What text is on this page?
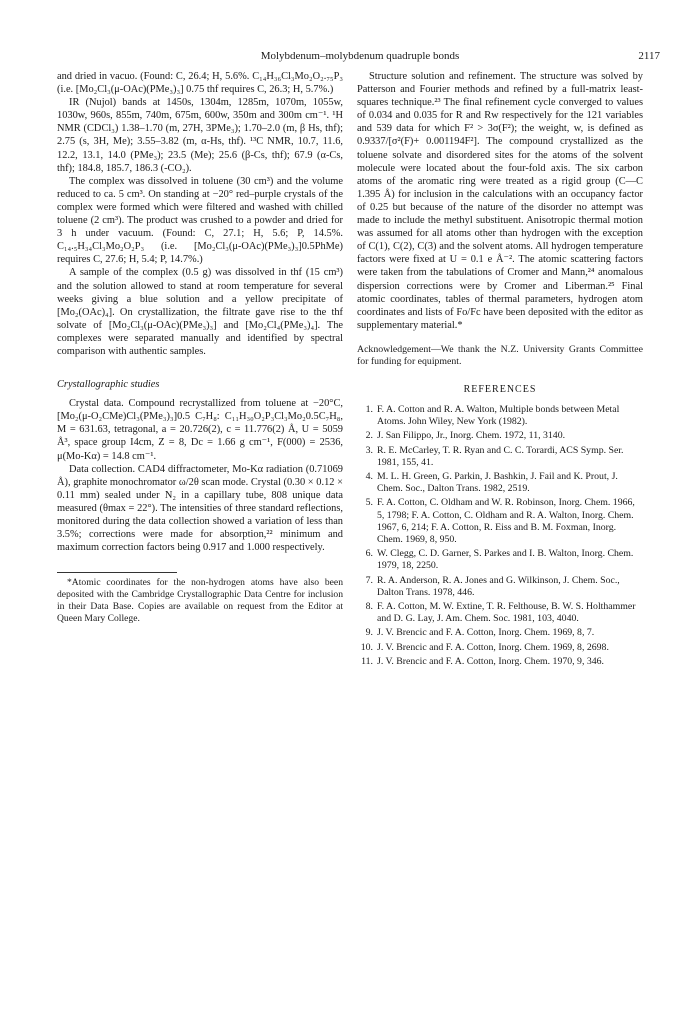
Molybdenum–molybdenum quadruple bonds	2117

and dried in vacuo. (Found: C, 26.4; H, 5.6%. C₁₄H₃₆Cl₃Mo₂O₂.₇₅P₃ (i.e. [Mo₂Cl₃(μ-OAc)(PMe₃)₃] 0.75 thf requires C, 26.3; H, 5.7%.)

IR (Nujol) bands at 1450s, 1304m, 1285m, 1070m, 1055w, 1030w, 960s, 855m, 740m, 675m, 600w, 350m and 300m cm⁻¹. ¹H NMR (CDCl₃) 1.38–1.70 (m, 27H, 3PMe₃); 1.70–2.0 (m, β Hs, thf); 2.75 (s, 3H, Me); 3.55–3.82 (m, α-Hs, thf). ¹³C NMR, 10.7, 11.6, 12.2, 13.1, 14.0 (PMe₃); 23.5 (Me); 25.6 (β-Cs, thf); 67.9 (α-Cs, thf); 184.8, 185.7, 186.3 (-CO₂).

The complex was dissolved in toluene (30 cm³) and the volume reduced to ca. 5 cm³. On standing at −20° red–purple crystals of the complex were formed which were filtered and washed with chilled toluene (2 cm³). The product was crushed to a powder and dried for 3 h under vacuum. (Found: C, 27.1; H, 5.6; P, 14.5%. C₁₄.₅H₃₄Cl₃Mo₂O₂P₃ (i.e. [Mo₂Cl₃(μ-OAc)(PMe₃)₃]0.5PhMe) requires C, 27.6; H, 5.4; P, 14.7%.)

A sample of the complex (0.5 g) was dissolved in thf (15 cm³) and the solution allowed to stand at room temperature for several weeks giving a blue solution and a yellow precipitate of [Mo₂(OAc)₄]. On crystallization, the filtrate gave rise to the thf solvate of [Mo₂Cl₃(μ-OAc)(PMe₃)₃] and [Mo₂Cl₄(PMe₃)₄]. The complexes were separated manually and identified by spectral comparison with authentic samples.

Crystallographic studies

Crystal data. Compound recrystallized from toluene at −20°C, [Mo₂(μ-O₂CMe)Cl₃(PMe₃)₃]0.5 C₇H₈: C₁₁H₃₀O₂P₃Cl₃Mo₂0.5C₇H₈, M = 631.63, tetragonal, a = 20.726(2), c = 11.776(2) Å, U = 5059 Å³, space group I4cm, Z = 8, Dc = 1.66 g cm⁻¹, F(000) = 2536, μ(Mo-Kα) = 14.8 cm⁻¹.

Data collection. CAD4 diffractometer, Mo-Kα radiation (0.71069 Å), graphite monochromator ω/2θ scan mode. Crystal (0.30 × 0.12 × 0.11 mm) sealed under N₂ in a capillary tube, 808 unique data measured (θmax = 22°). The intensities of three standard reflections, monitored during the data collection showed a variation of less than 3.5%; corrections were made for absorption,²² minimum and maximum correction factors being 0.917 and 1.000 respectively.

*Atomic coordinates for the non-hydrogen atoms have also been deposited with the Cambridge Crystallographic Data Centre for inclusion in their Data Base. Copies are available on request from the Editor at Queen Mary College.

Structure solution and refinement. The structure was solved by Patterson and Fourier methods and refined by a full-matrix least-squares technique.²³ The final refinement cycle converged to values of 0.034 and 0.035 for R and Rw respectively for the 121 variables and 539 data for which F² > 3σ(F²); the weight, w, is defined as 0.9337/[σ²(F)+ 0.001194F²]. The compound crystallized as the toluene solvate and disordered sites for the atoms of the solvent molecule were located about the four-fold axis. The six carbon atoms of the aromatic ring were treated as a rigid group (C—C 1.395 Å) for inclusion in the calculations with an occupancy factor of 0.25 but because of the nature of the disorder no attempt was made to include the methyl substituent. Anisotropic thermal motion was assumed for all atoms other than hydrogen with the exception of C(1), C(2), C(3) and the solvent atoms. All hydrogen temperature factors were fixed at U = 0.1 e Å⁻². The atomic scattering factors were taken from the tabulations of Cromer and Mann,²⁴ anomalous dispersion corrections were by Cromer and Liberman.²⁵ Final atomic coordinates, tables of thermal parameters, hydrogen atom coordinates and lists of Fo/Fc have been deposited with the editor as supplementary material.*

Acknowledgement—We thank the N.Z. University Grants Committee for funding for equipment.

REFERENCES

1. F. A. Cotton and R. A. Walton, Multiple bonds between Metal Atoms. John Wiley, New York (1982).
2. J. San Filippo, Jr., Inorg. Chem. 1972, 11, 3140.
3. R. E. McCarley, T. R. Ryan and C. C. Torardi, ACS Symp. Ser. 1981, 155, 41.
4. M. L. H. Green, G. Parkin, J. Bashkin, J. Fail and K. Prout, J. Chem. Soc., Dalton Trans. 1982, 2519.
5. F. A. Cotton, C. Oldham and W. R. Robinson, Inorg. Chem. 1966, 5, 1798; F. A. Cotton, C. Oldham and R. A. Walton, Inorg. Chem. 1967, 6, 214; F. A. Cotton, R. Eiss and B. M. Foxman, Inorg. Chem. 1969, 8, 950.
6. W. Clegg, C. D. Garner, S. Parkes and I. B. Walton, Inorg. Chem. 1979, 18, 2250.
7. R. A. Anderson, R. A. Jones and G. Wilkinson, J. Chem. Soc., Dalton Trans. 1978, 446.
8. F. A. Cotton, M. W. Extine, T. R. Felthouse, B. W. S. Holthammer and D. G. Lay, J. Am. Chem. Soc. 1981, 103, 4040.
9. J. V. Brencic and F. A. Cotton, Inorg. Chem. 1969, 8, 7.
10. J. V. Brencic and F. A. Cotton, Inorg. Chem. 1969, 8, 2698.
11. J. V. Brencic and F. A. Cotton, Inorg. Chem. 1970, 9, 346.
